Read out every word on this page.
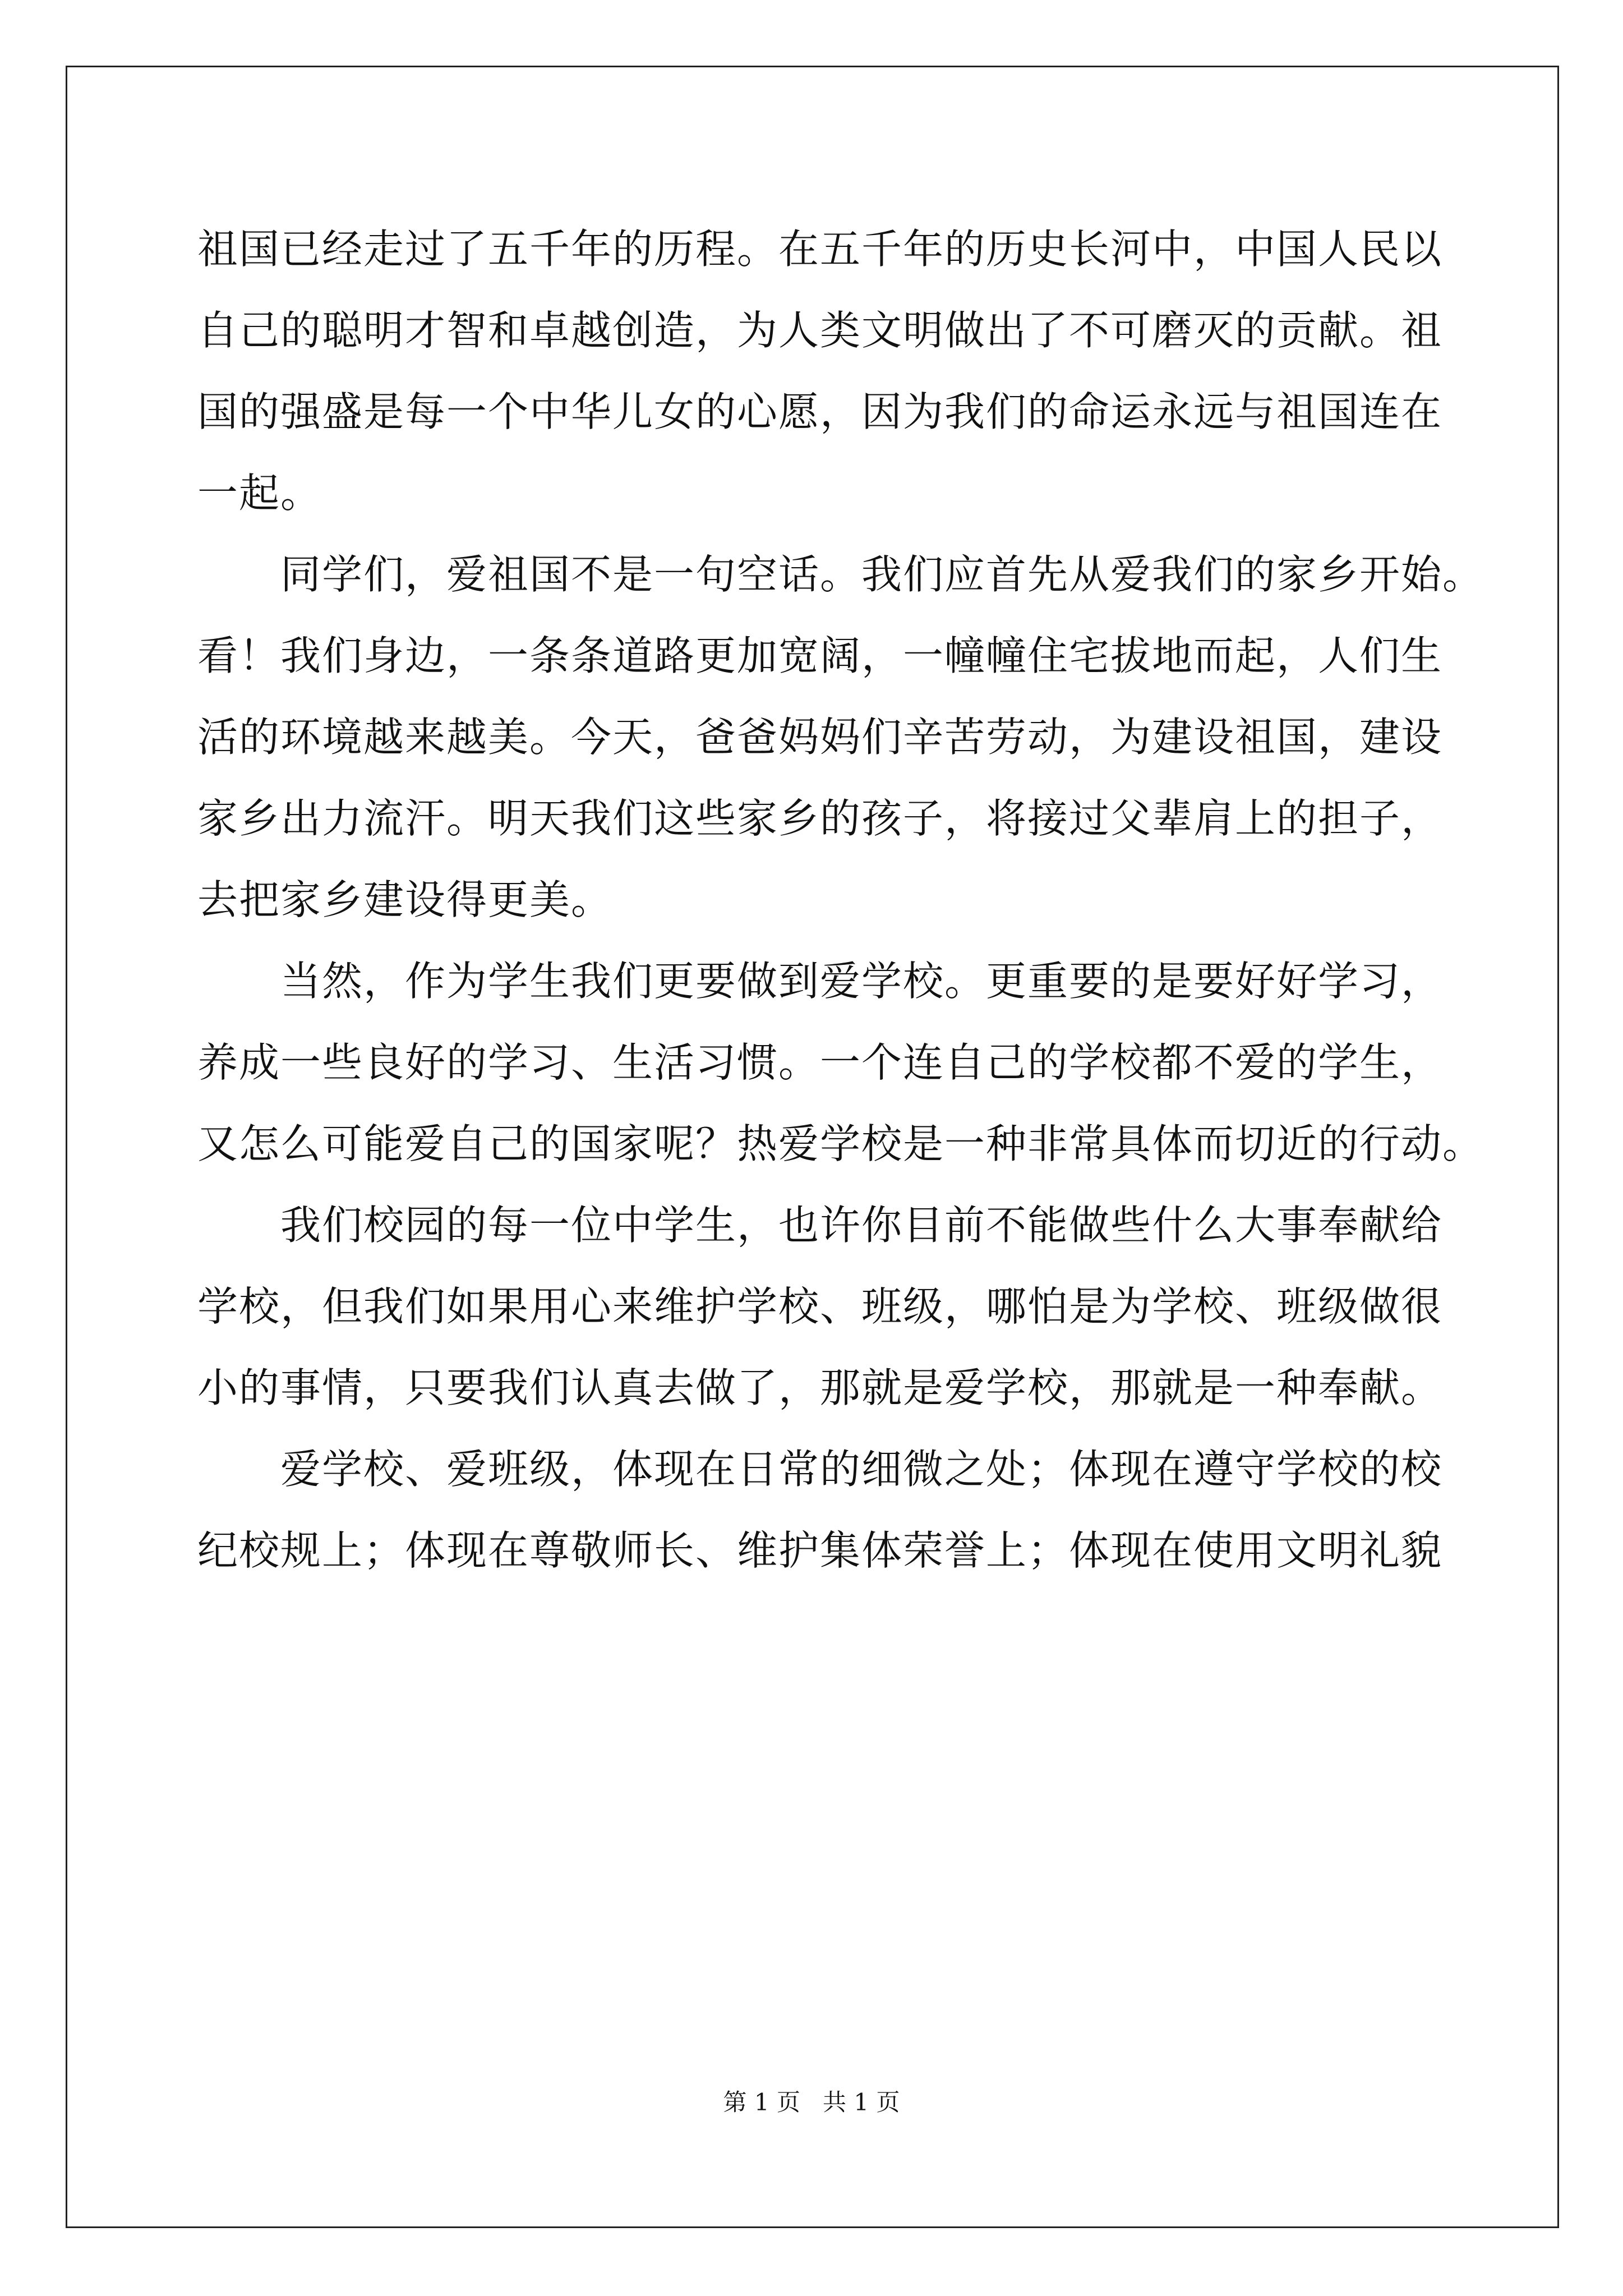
祖国已经走过了五千年的历程。在五千年的历史长河中，中国人民以
自己的聪明才智和卓越创造，为人类文明做出了不可磨灭的贡献。祖
国的强盛是每一个中华儿女的心愿，因为我们的命运永远与祖国连在
一起。
同学们，爱祖国不是一句空话。我们应首先从爱我们的家乡开始。
看！我们身边，一条条道路更加宽阔，一幢幢住宅拔地而起，人们生
活的环境越来越美。今天，爸爸妈妈们辛苦劳动，为建设祖国，建设
家乡出力流汗。明天我们这些家乡的孩子，将接过父辈肩上的担子，
去把家乡建设得更美。
当然，作为学生我们更要做到爱学校。更重要的是要好好学习，
养成一些良好的学习、生活习惯。一个连自己的学校都不爱的学生，
又怎么可能爱自己的国家呢？热爱学校是一种非常具体而切近的行动。
我们校园的每一位中学生，也许你目前不能做些什么大事奉献给
学校，但我们如果用心来维护学校、班级，哪怕是为学校、班级做很
小的事情，只要我们认真去做了，那就是爱学校，那就是一种奉献。
爱学校、爱班级，体现在日常的细微之处；体现在遵守学校的校
纪校规上；体现在尊敬师长、维护集体荣誉上；体现在使用文明礼貌
第 1 页   共 1 页
